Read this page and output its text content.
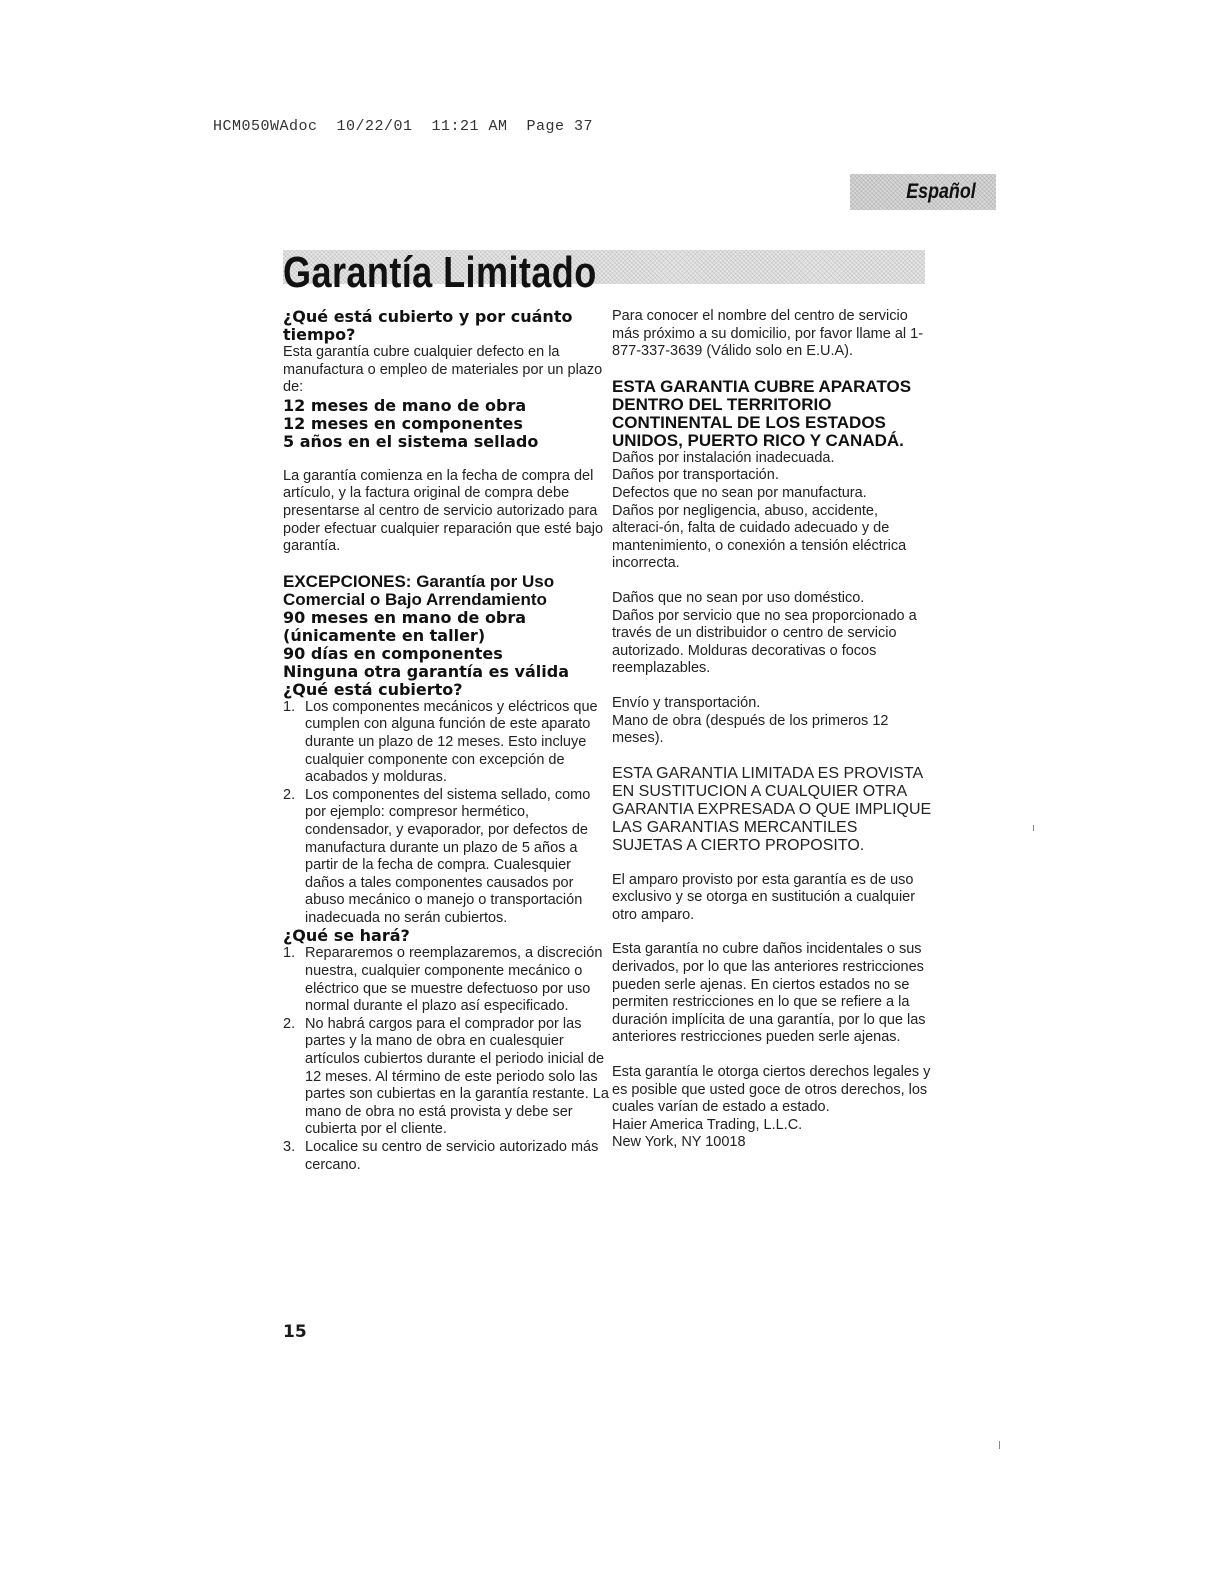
HCM050WAdoc  10/22/01  11:21 AM  Page 37
Español
Garantía Limitado

¿Qué está cubierto y por cuánto tiempo?

Esta garantía cubre cualquier defecto en la manufactura o empleo de materiales por un plazo de:

12 meses de mano de obra

12 meses en componentes

5 años en el sistema sellado

La garantía comienza en la fecha de compra del artículo, y la factura original de compra debe presentarse al centro de servicio autorizado para poder efectuar cualquier reparación que esté bajo garantía.

EXCEPCIONES: Garantía por Uso Comercial o Bajo Arrendamiento

90 meses en mano de obra (únicamente en taller)

90 días en componentes

Ninguna otra garantía es válida

¿Qué está cubierto?

1. Los componentes mecánicos y eléctricos que cumplen con alguna función de este aparato durante un plazo de 12 meses. Esto incluye cualquier componente con excepción de acabados y molduras.
2. Los componentes del sistema sellado, como por ejemplo: compresor hermético, condensador, y evaporador, por defectos de manufactura durante un plazo de 5 años a partir de la fecha de compra. Cualesquier daños a tales componentes causados por abuso mecánico o manejo o transportación inadecuada no serán cubiertos.

¿Qué se hará?

1. Repararemos o reemplazaremos, a discreción nuestra, cualquier componente mecánico o eléctrico que se muestre defectuoso por uso normal durante el plazo así especificado.
2. No habrá cargos para el comprador por las partes y la mano de obra en cualesquier artículos cubiertos durante el periodo inicial de 12 meses. Al término de este periodo solo las partes son cubiertas en la garantía restante. La mano de obra no está provista y debe ser cubierta por el cliente.
3. Localice su centro de servicio autorizado más cercano.

Para conocer el nombre del centro de servicio más próximo a su domicilio, por favor llame al 1-877-337-3639 (Válido solo en E.U.A).

ESTA GARANTIA CUBRE APARATOS DENTRO DEL TERRITORIO CONTINENTAL DE LOS ESTADOS UNIDOS, PUERTO RICO Y CANADÁ.

Daños por instalación inadecuada.

Daños por transportación.

Defectos que no sean por manufactura.

Daños por negligencia, abuso, accidente, alteraci-ón, falta de cuidado adecuado y de mantenimiento, o conexión a tensión eléctrica incorrecta.

Daños que no sean por uso doméstico.

Daños por servicio que no sea proporcionado a través de un distribuidor o centro de servicio autorizado. Molduras decorativas o focos reemplazables.

Envío y transportación.

Mano de obra (después de los primeros 12 meses).

ESTA GARANTIA LIMITADA ES PROVISTA EN SUSTITUCION A CUALQUIER OTRA GARANTIA EXPRESADA O QUE IMPLIQUE LAS GARANTIAS MERCANTILES SUJETAS A CIERTO PROPOSITO.

El amparo provisto por esta garantía es de uso exclusivo y se otorga en sustitución a cualquier otro amparo.

Esta garantía no cubre daños incidentales o sus derivados, por lo que las anteriores restricciones pueden serle ajenas. En ciertos estados no se permiten restricciones en lo que se refiere a la duración implícita de una garantía, por lo que las anteriores restricciones pueden serle ajenas.

Esta garantía le otorga ciertos derechos legales y es posible que usted goce de otros derechos, los cuales varían de estado a estado.

Haier America Trading, L.L.C.

New York, NY 10018

15
